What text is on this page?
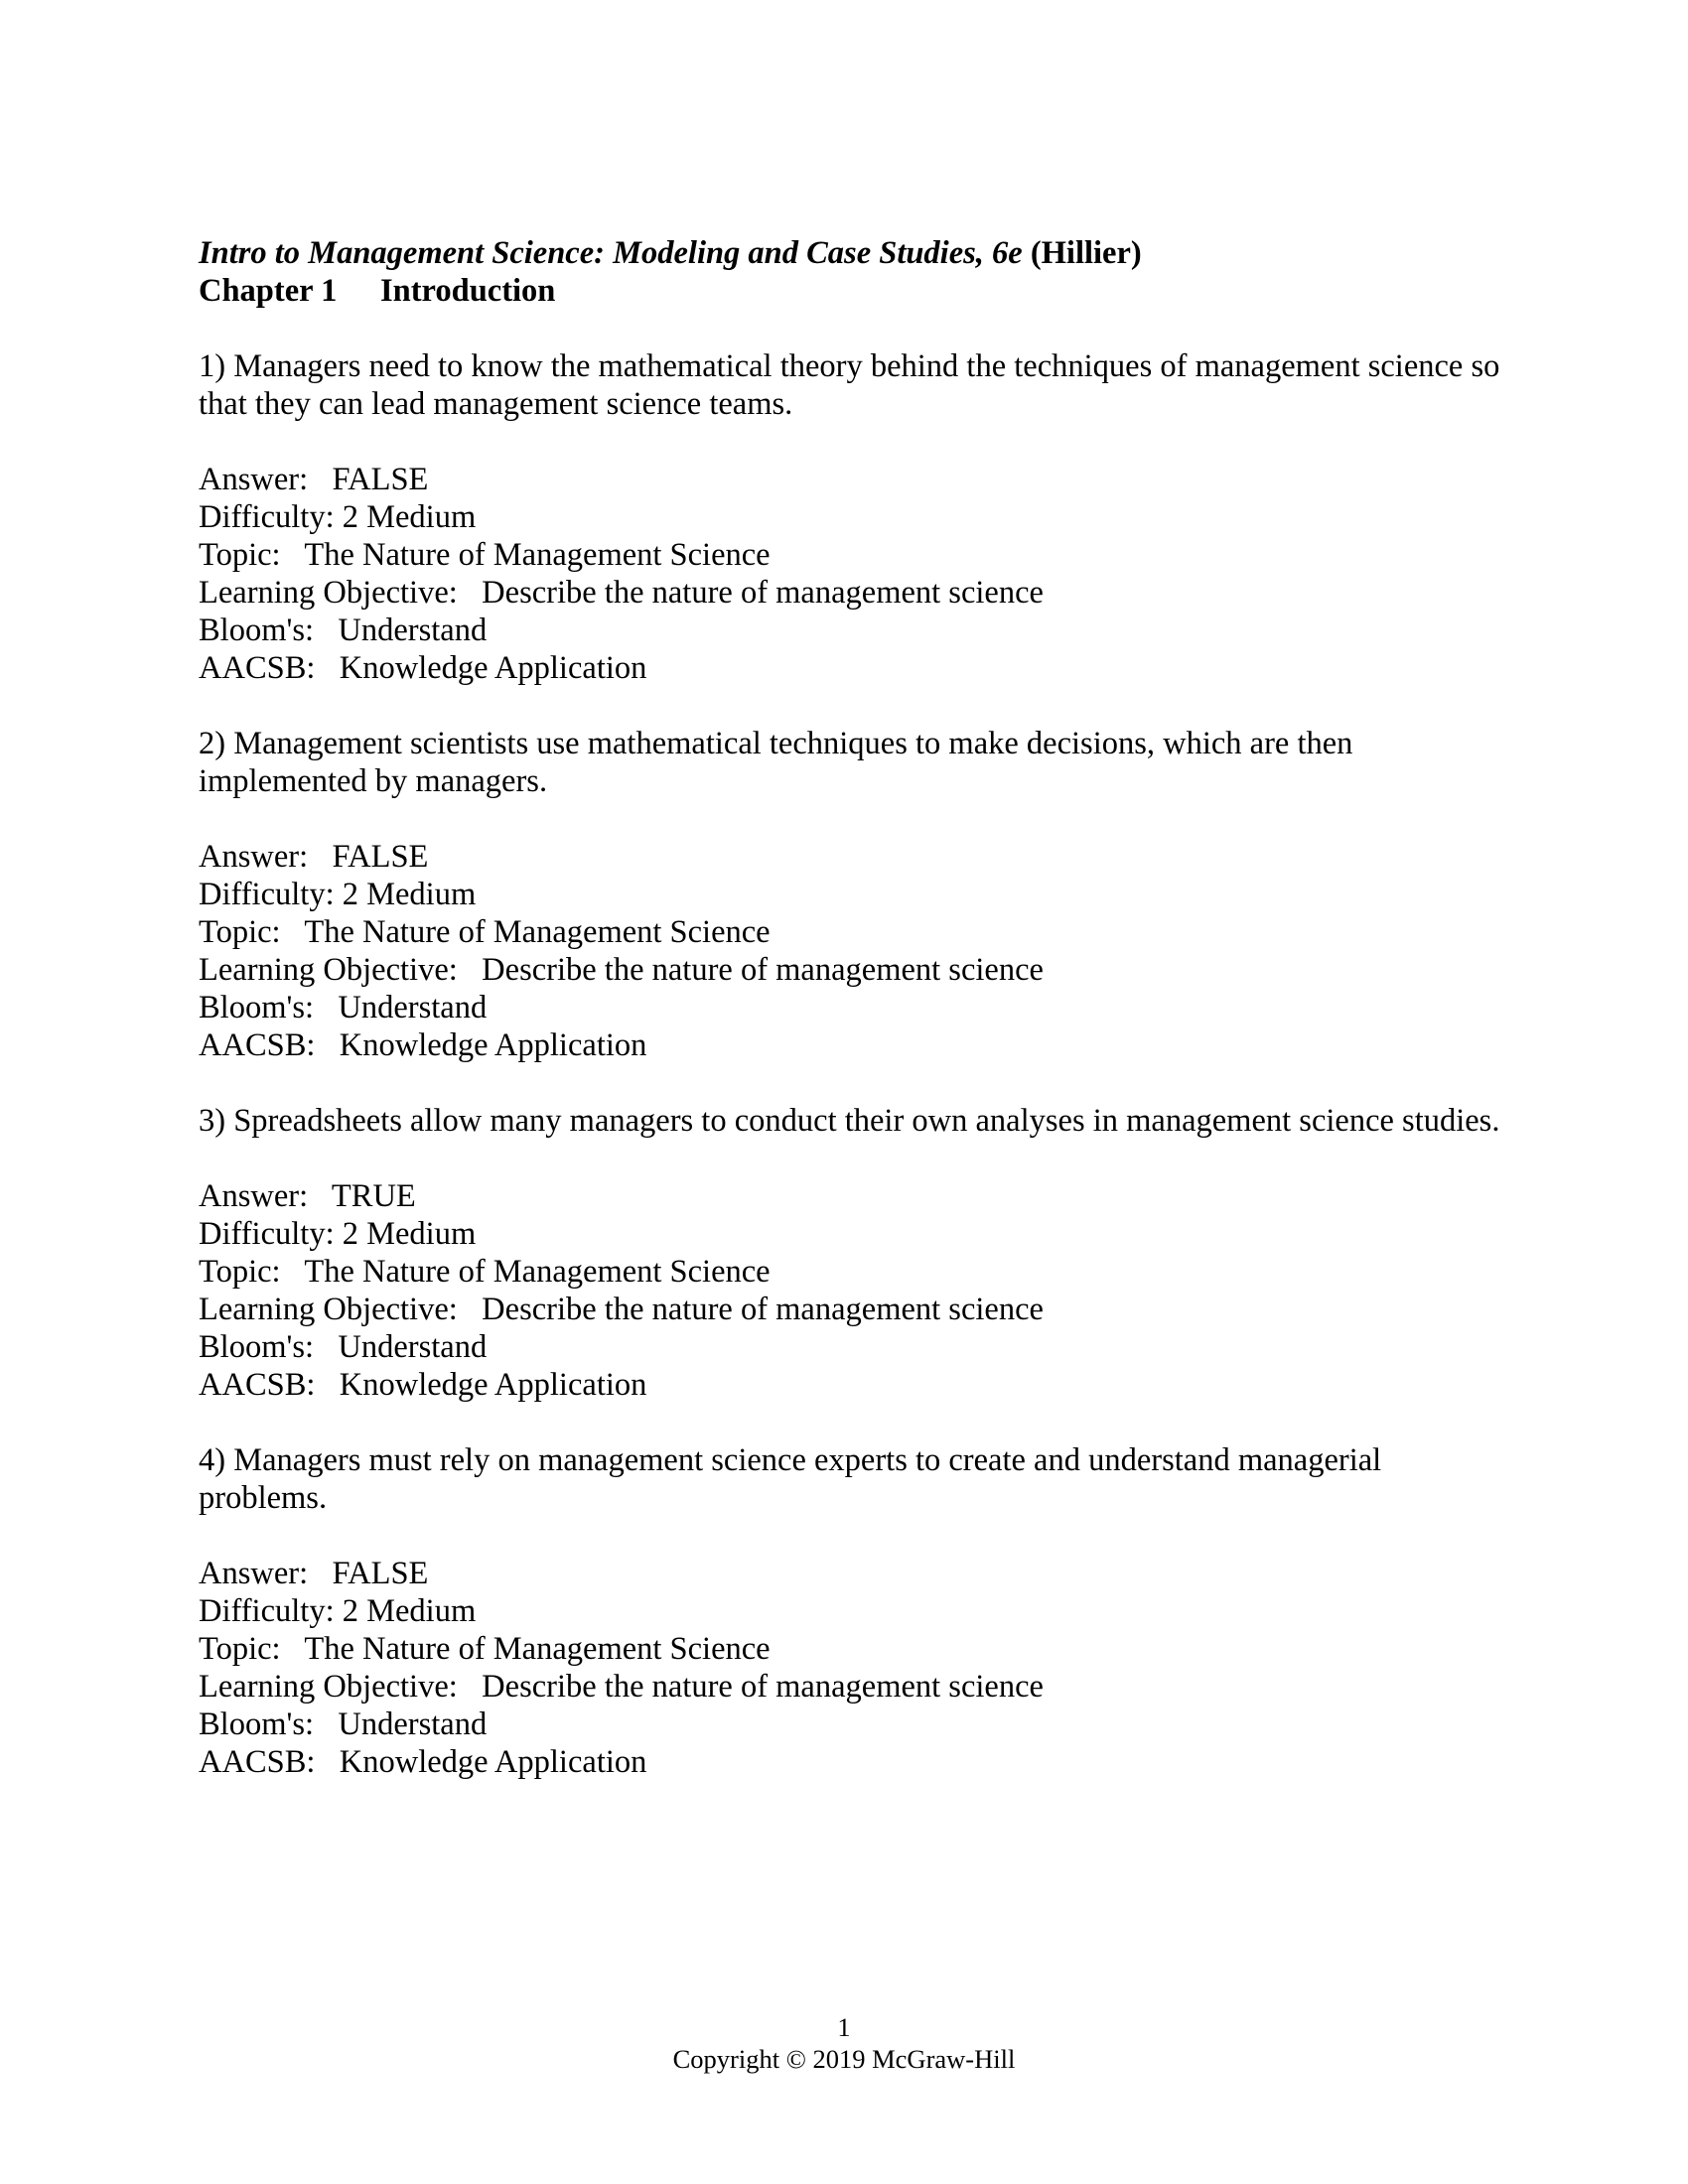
Intro to Management Science: Modeling and Case Studies, 6e (Hillier)

Chapter 1	Introduction

1) Managers need to know the mathematical theory behind the techniques of management science so that they can lead management science teams.

Answer: FALSE

Difficulty: 2 Medium

Topic: The Nature of Management Science

Learning Objective: Describe the nature of management science

Bloom's: Understand

AACSB: Knowledge Application

2) Management scientists use mathematical techniques to make decisions, which are then implemented by managers.

Answer: FALSE

Difficulty: 2 Medium

Topic: The Nature of Management Science

Learning Objective: Describe the nature of management science

Bloom's: Understand

AACSB: Knowledge Application

3) Spreadsheets allow many managers to conduct their own analyses in management science studies.

Answer: TRUE

Difficulty: 2 Medium

Topic: The Nature of Management Science

Learning Objective: Describe the nature of management science

Bloom's: Understand

AACSB: Knowledge Application

4) Managers must rely on management science experts to create and understand managerial problems.

Answer: FALSE

Difficulty: 2 Medium

Topic: The Nature of Management Science

Learning Objective: Describe the nature of management science

Bloom's: Understand

AACSB: Knowledge Application

1
Copyright © 2019 McGraw-Hill
